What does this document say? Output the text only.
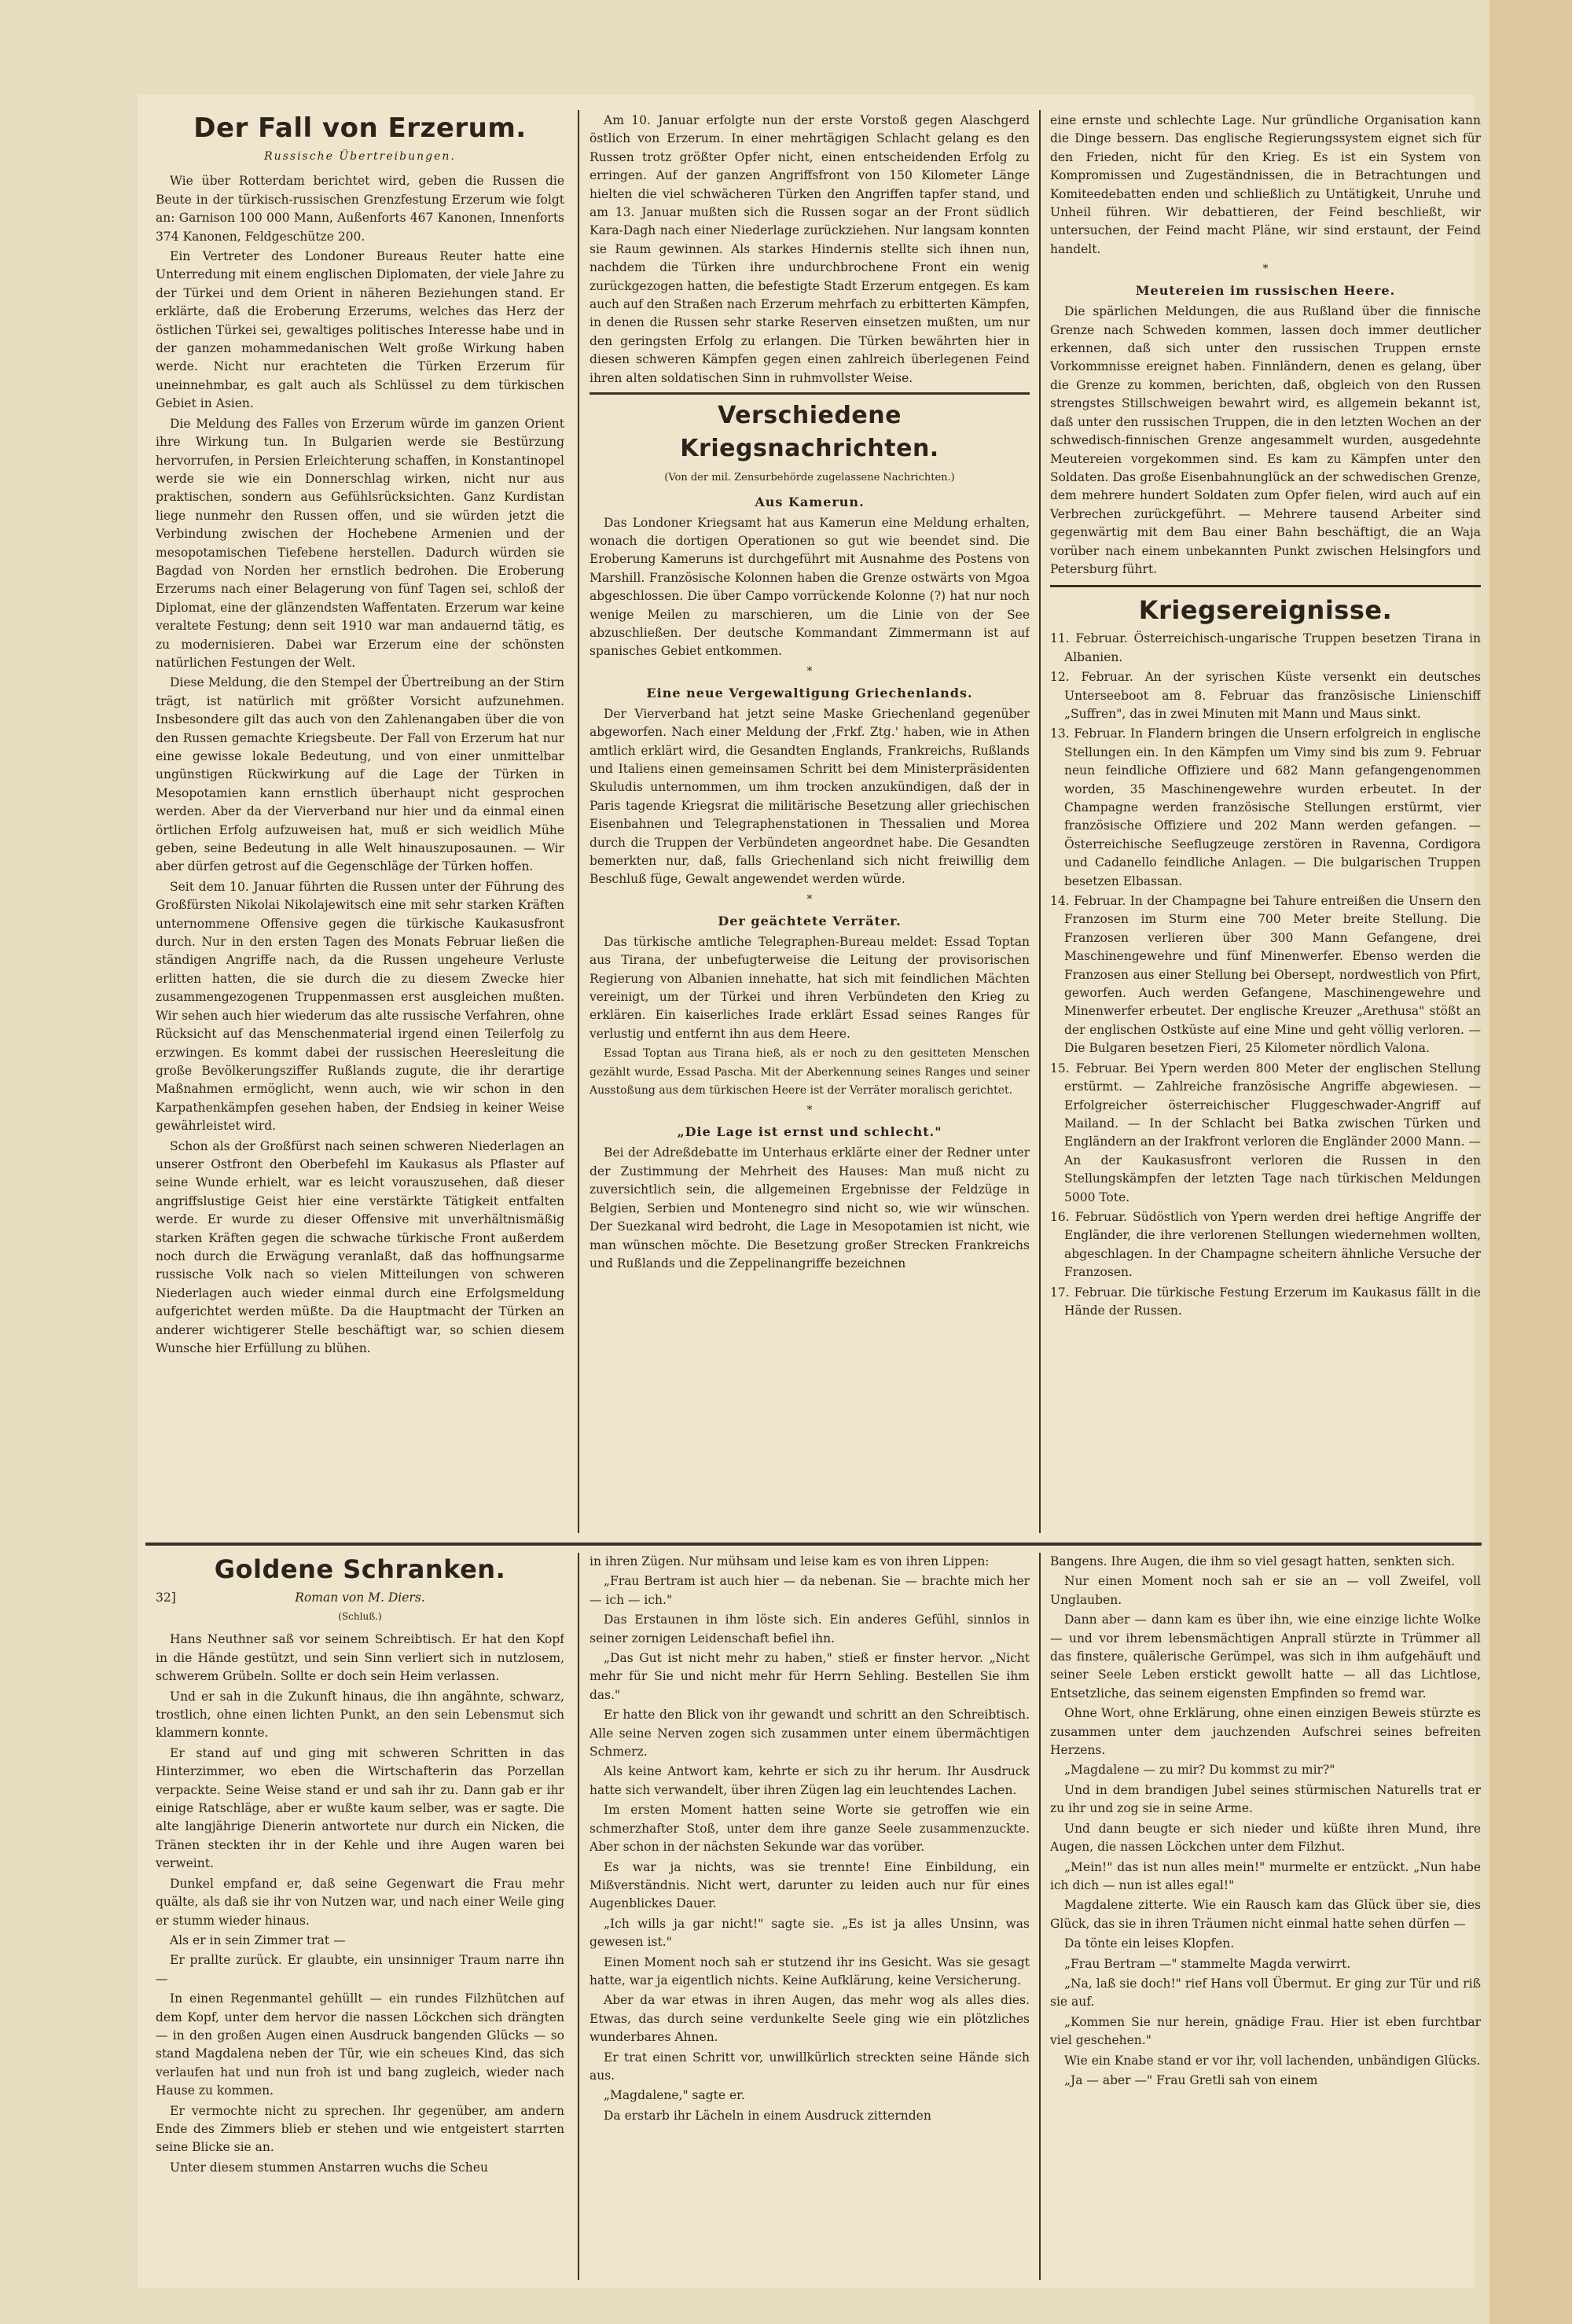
Der Fall von Erzerum.
Russische Übertreibungen.

Wie über Rotterdam berichtet wird, geben die Russen die Beute in der türkisch-russischen Grenzfestung Erzerum wie folgt an: Garnison 100 000 Mann, Außenforts 467 Kanonen, Innenforts 374 Kanonen, Feldgeschütze 200.

Ein Vertreter des Londoner Bureaus Reuter hatte eine Unterredung mit einem englischen Diplomaten, der viele Jahre zu der Türkei und dem Orient in näheren Beziehungen stand. Er erklärte, daß die Eroberung Erzerums, welches das Herz der östlichen Türkei sei, gewaltiges politisches Interesse habe und in der ganzen mohammedanischen Welt große Wirkung haben werde. Nicht nur erachteten die Türken Erzerum für uneinnehmbar, es galt auch als Schlüssel zu dem türkischen Gebiet in Asien.

Die Meldung des Falles von Erzerum würde im ganzen Orient ihre Wirkung tun. In Bulgarien werde sie Bestürzung hervorrufen, in Persien Erleichterung schaffen, in Konstantinopel werde sie wie ein Donnerschlag wirken, nicht nur aus praktischen, sondern aus Gefühlsrücksichten. Ganz Kurdistan liege nunmehr den Russen offen, und sie würden jetzt die Verbindung zwischen der Hochebene Armenien und der mesopotamischen Tiefebene herstellen. Dadurch würden sie Bagdad von Norden her ernstlich bedrohen. Die Eroberung Erzerums nach einer Belagerung von fünf Tagen sei, schloß der Diplomat, eine der glänzendsten Waffentaten. Erzerum war keine veraltete Festung; denn seit 1910 war man andauernd tätig, es zu modernisieren. Dabei war Erzerum eine der schönsten natürlichen Festungen der Welt.

Diese Meldung, die den Stempel der Übertreibung an der Stirn trägt, ist natürlich mit größter Vorsicht aufzunehmen. Insbesondere gilt das auch von den Zahlenangaben über die von den Russen gemachte Kriegsbeute. Der Fall von Erzerum hat nur eine gewisse lokale Bedeutung, und von einer unmittelbar ungünstigen Rückwirkung auf die Lage der Türken in Mesopotamien kann ernstlich überhaupt nicht gesprochen werden. Aber da der Vierverband nur hier und da einmal einen örtlichen Erfolg aufzuweisen hat, muß er sich weidlich Mühe geben, seine Bedeutung in alle Welt hinauszuposaunen. — Wir aber dürfen getrost auf die Gegenschläge der Türken hoffen.

Seit dem 10. Januar führten die Russen unter der Führung des Großfürsten Nikolai Nikolajewitsch eine mit sehr starken Kräften unternommene Offensive gegen die türkische Kaukasusfront durch. Nur in den ersten Tagen des Monats Februar ließen die ständigen Angriffe nach, da die Russen ungeheure Verluste erlitten hatten, die sie durch die zu diesem Zwecke hier zusammengezogenen Truppenmassen erst ausgleichen mußten. Wir sehen auch hier wiederum das alte russische Verfahren, ohne Rücksicht auf das Menschenmaterial irgend einen Teilerfolg zu erzwingen. Es kommt dabei der russischen Heeresleitung die große Bevölkerungsziffer Rußlands zugute, die ihr derartige Maßnahmen ermöglicht, wenn auch, wie wir schon in den Karpathenkämpfen gesehen haben, der Endsieg in keiner Weise gewährleistet wird.

Schon als der Großfürst nach seinen schweren Niederlagen an unserer Ostfront den Oberbefehl im Kaukasus als Pflaster auf seine Wunde erhielt, war es leicht vorauszusehen, daß dieser angriffslustige Geist hier eine verstärkte Tätigkeit entfalten werde. Er wurde zu dieser Offensive mit unverhältnismäßig starken Kräften gegen die schwache türkische Front außerdem noch durch die Erwägung veranlaßt, daß das hoffnungsarme russische Volk nach so vielen Mitteilungen von schweren Niederlagen auch wieder einmal durch eine Erfolgsmeldung aufgerichtet werden müßte. Da die Hauptmacht der Türken an anderer wichtigerer Stelle beschäftigt war, so schien diesem Wunsche hier Erfüllung zu blühen.

Am 10. Januar erfolgte nun der erste Vorstoß gegen Alaschgerd östlich von Erzerum. In einer mehrtägigen Schlacht gelang es den Russen trotz größter Opfer nicht, einen entscheidenden Erfolg zu erringen. Auf der ganzen Angriffsfront von 150 Kilometer Länge hielten die viel schwächeren Türken den Angriffen tapfer stand, und am 13. Januar mußten sich die Russen sogar an der Front südlich Kara-Dagh nach einer Niederlage zurückziehen. Nur langsam konnten sie Raum gewinnen. Als starkes Hindernis stellte sich ihnen nun, nachdem die Türken ihre undurchbrochene Front ein wenig zurückgezogen hatten, die befestigte Stadt Erzerum entgegen. Es kam auch auf den Straßen nach Erzerum mehrfach zu erbitterten Kämpfen, in denen die Russen sehr starke Reserven einsetzen mußten, um nur den geringsten Erfolg zu erlangen. Die Türken bewährten hier in diesen schweren Kämpfen gegen einen zahlreich überlegenen Feind ihren alten soldatischen Sinn in ruhmvollster Weise.

Verschiedene Kriegsnachrichten.
(Von der mil. Zensurbehörde zugelassene Nachrichten.)
Aus Kamerun.

Das Londoner Kriegsamt hat aus Kamerun eine Meldung erhalten, wonach die dortigen Operationen so gut wie beendet sind. Die Eroberung Kameruns ist durchgeführt mit Ausnahme des Postens von Marshill. Französische Kolonnen haben die Grenze ostwärts von Mgoa abgeschlossen. Die über Campo vorrückende Kolonne (?) hat nur noch wenige Meilen zu marschieren, um die Linie von der See abzuschließen. Der deutsche Kommandant Zimmermann ist auf spanisches Gebiet entkommen.

*
Eine neue Vergewaltigung Griechenlands.

Der Vierverband hat jetzt seine Maske Griechenland gegenüber abgeworfen. Nach einer Meldung der ‚Frkf. Ztg.' haben, wie in Athen amtlich erklärt wird, die Gesandten Englands, Frankreichs, Rußlands und Italiens einen gemeinsamen Schritt bei dem Ministerpräsidenten Skuludis unternommen, um ihm trocken anzukündigen, daß der in Paris tagende Kriegsrat die militärische Besetzung aller griechischen Eisenbahnen und Telegraphenstationen in Thessalien und Morea durch die Truppen der Verbündeten angeordnet habe. Die Gesandten bemerkten nur, daß, falls Griechenland sich nicht freiwillig dem Beschluß füge, Gewalt angewendet werden würde.

*
Der geächtete Verräter.

Das türkische amtliche Telegraphen-Bureau meldet: Essad Toptan aus Tirana, der unbefugterweise die Leitung der provisorischen Regierung von Albanien innehatte, hat sich mit feindlichen Mächten vereinigt, um der Türkei und ihren Verbündeten den Krieg zu erklären. Ein kaiserliches Irade erklärt Essad seines Ranges für verlustig und entfernt ihn aus dem Heere.

Essad Toptan aus Tirana hieß, als er noch zu den gesitteten Menschen gezählt wurde, Essad Pascha. Mit der Aberkennung seines Ranges und seiner Ausstoßung aus dem türkischen Heere ist der Verräter moralisch gerichtet.

*
„Die Lage ist ernst und schlecht."

Bei der Adreßdebatte im Unterhaus erklärte einer der Redner unter der Zustimmung der Mehrheit des Hauses: Man muß nicht zu zuversichtlich sein, die allgemeinen Ergebnisse der Feldzüge in Belgien, Serbien und Montenegro sind nicht so, wie wir wünschen. Der Suezkanal wird bedroht, die Lage in Mesopotamien ist nicht, wie man wünschen möchte. Die Besetzung großer Strecken Frankreichs und Rußlands und die Zeppelinangriffe bezeichnen

eine ernste und schlechte Lage. Nur gründliche Organisation kann die Dinge bessern. Das englische Regierungssystem eignet sich für den Frieden, nicht für den Krieg. Es ist ein System von Kompromissen und Zugeständnissen, die in Betrachtungen und Komiteedebatten enden und schließlich zu Untätigkeit, Unruhe und Unheil führen. Wir debattieren, der Feind beschließt, wir untersuchen, der Feind macht Pläne, wir sind erstaunt, der Feind handelt.

*
Meutereien im russischen Heere.

Die spärlichen Meldungen, die aus Rußland über die finnische Grenze nach Schweden kommen, lassen doch immer deutlicher erkennen, daß sich unter den russischen Truppen ernste Vorkommnisse ereignet haben. Finnländern, denen es gelang, über die Grenze zu kommen, berichten, daß, obgleich von den Russen strengstes Stillschweigen bewahrt wird, es allgemein bekannt ist, daß unter den russischen Truppen, die in den letzten Wochen an der schwedisch-finnischen Grenze angesammelt wurden, ausgedehnte Meutereien vorgekommen sind. Es kam zu Kämpfen unter den Soldaten. Das große Eisenbahnunglück an der schwedischen Grenze, dem mehrere hundert Soldaten zum Opfer fielen, wird auch auf ein Verbrechen zurückgeführt. — Mehrere tausend Arbeiter sind gegenwärtig mit dem Bau einer Bahn beschäftigt, die an Waja vorüber nach einem unbekannten Punkt zwischen Helsingfors und Petersburg führt.

Kriegsereignisse.

11. Februar. Österreichisch-ungarische Truppen besetzen Tirana in Albanien.

12. Februar. An der syrischen Küste versenkt ein deutsches Unterseeboot am 8. Februar das französische Linienschiff „Suffren", das in zwei Minuten mit Mann und Maus sinkt.

13. Februar. In Flandern bringen die Unsern erfolgreich in englische Stellungen ein. In den Kämpfen um Vimy sind bis zum 9. Februar neun feindliche Offiziere und 682 Mann gefangengenommen worden, 35 Maschinengewehre wurden erbeutet. In der Champagne werden französische Stellungen erstürmt, vier französische Offiziere und 202 Mann werden gefangen. — Österreichische Seeflugzeuge zerstören in Ravenna, Cordigora und Cadanello feindliche Anlagen. — Die bulgarischen Truppen besetzen Elbassan.

14. Februar. In der Champagne bei Tahure entreißen die Unsern den Franzosen im Sturm eine 700 Meter breite Stellung. Die Franzosen verlieren über 300 Mann Gefangene, drei Maschinengewehre und fünf Minenwerfer. Ebenso werden die Franzosen aus einer Stellung bei Obersept, nordwestlich von Pfirt, geworfen. Auch werden Gefangene, Maschinengewehre und Minenwerfer erbeutet. Der englische Kreuzer „Arethusa" stößt an der englischen Ostküste auf eine Mine und geht völlig verloren. — Die Bulgaren besetzen Fieri, 25 Kilometer nördlich Valona.

15. Februar. Bei Ypern werden 800 Meter der englischen Stellung erstürmt. — Zahlreiche französische Angriffe abgewiesen. — Erfolgreicher österreichischer Fluggeschwader-Angriff auf Mailand. — In der Schlacht bei Batka zwischen Türken und Engländern an der Irakfront verloren die Engländer 2000 Mann. — An der Kaukasusfront verloren die Russen in den Stellungskämpfen der letzten Tage nach türkischen Meldungen 5000 Tote.

16. Februar. Südöstlich von Ypern werden drei heftige Angriffe der Engländer, die ihre verlorenen Stellungen wiedernehmen wollten, abgeschlagen. In der Champagne scheitern ähnliche Versuche der Franzosen.

17. Februar. Die türkische Festung Erzerum im Kaukasus fällt in die Hände der Russen.

Goldene Schranken.
32]	Roman von M. Diers.
(Schluß.)

Hans Neuthner saß vor seinem Schreibtisch. Er hat den Kopf in die Hände gestützt, und sein Sinn verliert sich in nutzlosem, schwerem Grübeln. Sollte er doch sein Heim verlassen.

Und er sah in die Zukunft hinaus, die ihn angähnte, schwarz, trostlich, ohne einen lichten Punkt, an den sein Lebensmut sich klammern konnte.

Er stand auf und ging mit schweren Schritten in das Hinterzimmer, wo eben die Wirtschafterin das Porzellan verpackte. Seine Weise stand er und sah ihr zu. Dann gab er ihr einige Ratschläge, aber er wußte kaum selber, was er sagte. Die alte langjährige Dienerin antwortete nur durch ein Nicken, die Tränen steckten ihr in der Kehle und ihre Augen waren bei verweint.

Dunkel empfand er, daß seine Gegenwart die Frau mehr quälte, als daß sie ihr von Nutzen war, und nach einer Weile ging er stumm wieder hinaus.

Als er in sein Zimmer trat —

Er prallte zurück. Er glaubte, ein unsinniger Traum narre ihn —

In einen Regenmantel gehüllt — ein rundes Filzhütchen auf dem Kopf, unter dem hervor die nassen Löckchen sich drängten — in den großen Augen einen Ausdruck bangenden Glücks — so stand Magdalena neben der Tür, wie ein scheues Kind, das sich verlaufen hat und nun froh ist und bang zugleich, wieder nach Hause zu kommen.

Er vermochte nicht zu sprechen. Ihr gegenüber, am andern Ende des Zimmers blieb er stehen und wie entgeistert starrten seine Blicke sie an.

Unter diesem stummen Anstarren wuchs die Scheu

in ihren Zügen. Nur mühsam und leise kam es von ihren Lippen:

„Frau Bertram ist auch hier — da nebenan. Sie — brachte mich her — ich — ich."

Das Erstaunen in ihm löste sich. Ein anderes Gefühl, sinnlos in seiner zornigen Leidenschaft befiel ihn.

„Das Gut ist nicht mehr zu haben," stieß er finster hervor. „Nicht mehr für Sie und nicht mehr für Herrn Sehling. Bestellen Sie ihm das."

Er hatte den Blick von ihr gewandt und schritt an den Schreibtisch. Alle seine Nerven zogen sich zusammen unter einem übermächtigen Schmerz.

Als keine Antwort kam, kehrte er sich zu ihr herum. Ihr Ausdruck hatte sich verwandelt, über ihren Zügen lag ein leuchtendes Lachen.

Im ersten Moment hatten seine Worte sie getroffen wie ein schmerzhafter Stoß, unter dem ihre ganze Seele zusammenzuckte. Aber schon in der nächsten Sekunde war das vorüber.

Es war ja nichts, was sie trennte! Eine Einbildung, ein Mißverständnis. Nicht wert, darunter zu leiden auch nur für eines Augenblickes Dauer.

„Ich wills ja gar nicht!" sagte sie. „Es ist ja alles Unsinn, was gewesen ist."

Einen Moment noch sah er stutzend ihr ins Gesicht. Was sie gesagt hatte, war ja eigentlich nichts. Keine Aufklärung, keine Versicherung.

Aber da war etwas in ihren Augen, das mehr wog als alles dies. Etwas, das durch seine verdunkelte Seele ging wie ein plötzliches wunderbares Ahnen.

Er trat einen Schritt vor, unwillkürlich streckten seine Hände sich aus.

„Magdalene," sagte er.

Da erstarb ihr Lächeln in einem Ausdruck zitternden

Bangens. Ihre Augen, die ihm so viel gesagt hatten, senkten sich.

Nur einen Moment noch sah er sie an — voll Zweifel, voll Unglauben.

Dann aber — dann kam es über ihn, wie eine einzige lichte Wolke — und vor ihrem lebensmächtigen Anprall stürzte in Trümmer all das finstere, quälerische Gerümpel, was sich in ihm aufgehäuft und seiner Seele Leben erstickt gewollt hatte — all das Lichtlose, Entsetzliche, das seinem eigensten Empfinden so fremd war.

Ohne Wort, ohne Erklärung, ohne einen einzigen Beweis stürzte es zusammen unter dem jauchzenden Aufschrei seines befreiten Herzens.

„Magdalene — zu mir? Du kommst zu mir?"

Und in dem brandigen Jubel seines stürmischen Naturells trat er zu ihr und zog sie in seine Arme.

Und dann beugte er sich nieder und küßte ihren Mund, ihre Augen, die nassen Löckchen unter dem Filzhut.

„Mein!" das ist nun alles mein!" murmelte er entzückt. „Nun habe ich dich — nun ist alles egal!"

Magdalene zitterte. Wie ein Rausch kam das Glück über sie, dies Glück, das sie in ihren Träumen nicht einmal hatte sehen dürfen —

Da tönte ein leises Klopfen.

„Frau Bertram —" stammelte Magda verwirrt.

„Na, laß sie doch!" rief Hans voll Übermut. Er ging zur Tür und riß sie auf.

„Kommen Sie nur herein, gnädige Frau. Hier ist eben furchtbar viel geschehen."

Wie ein Knabe stand er vor ihr, voll lachenden, unbändigen Glücks.

„Ja — aber —" Frau Gretli sah von einem
